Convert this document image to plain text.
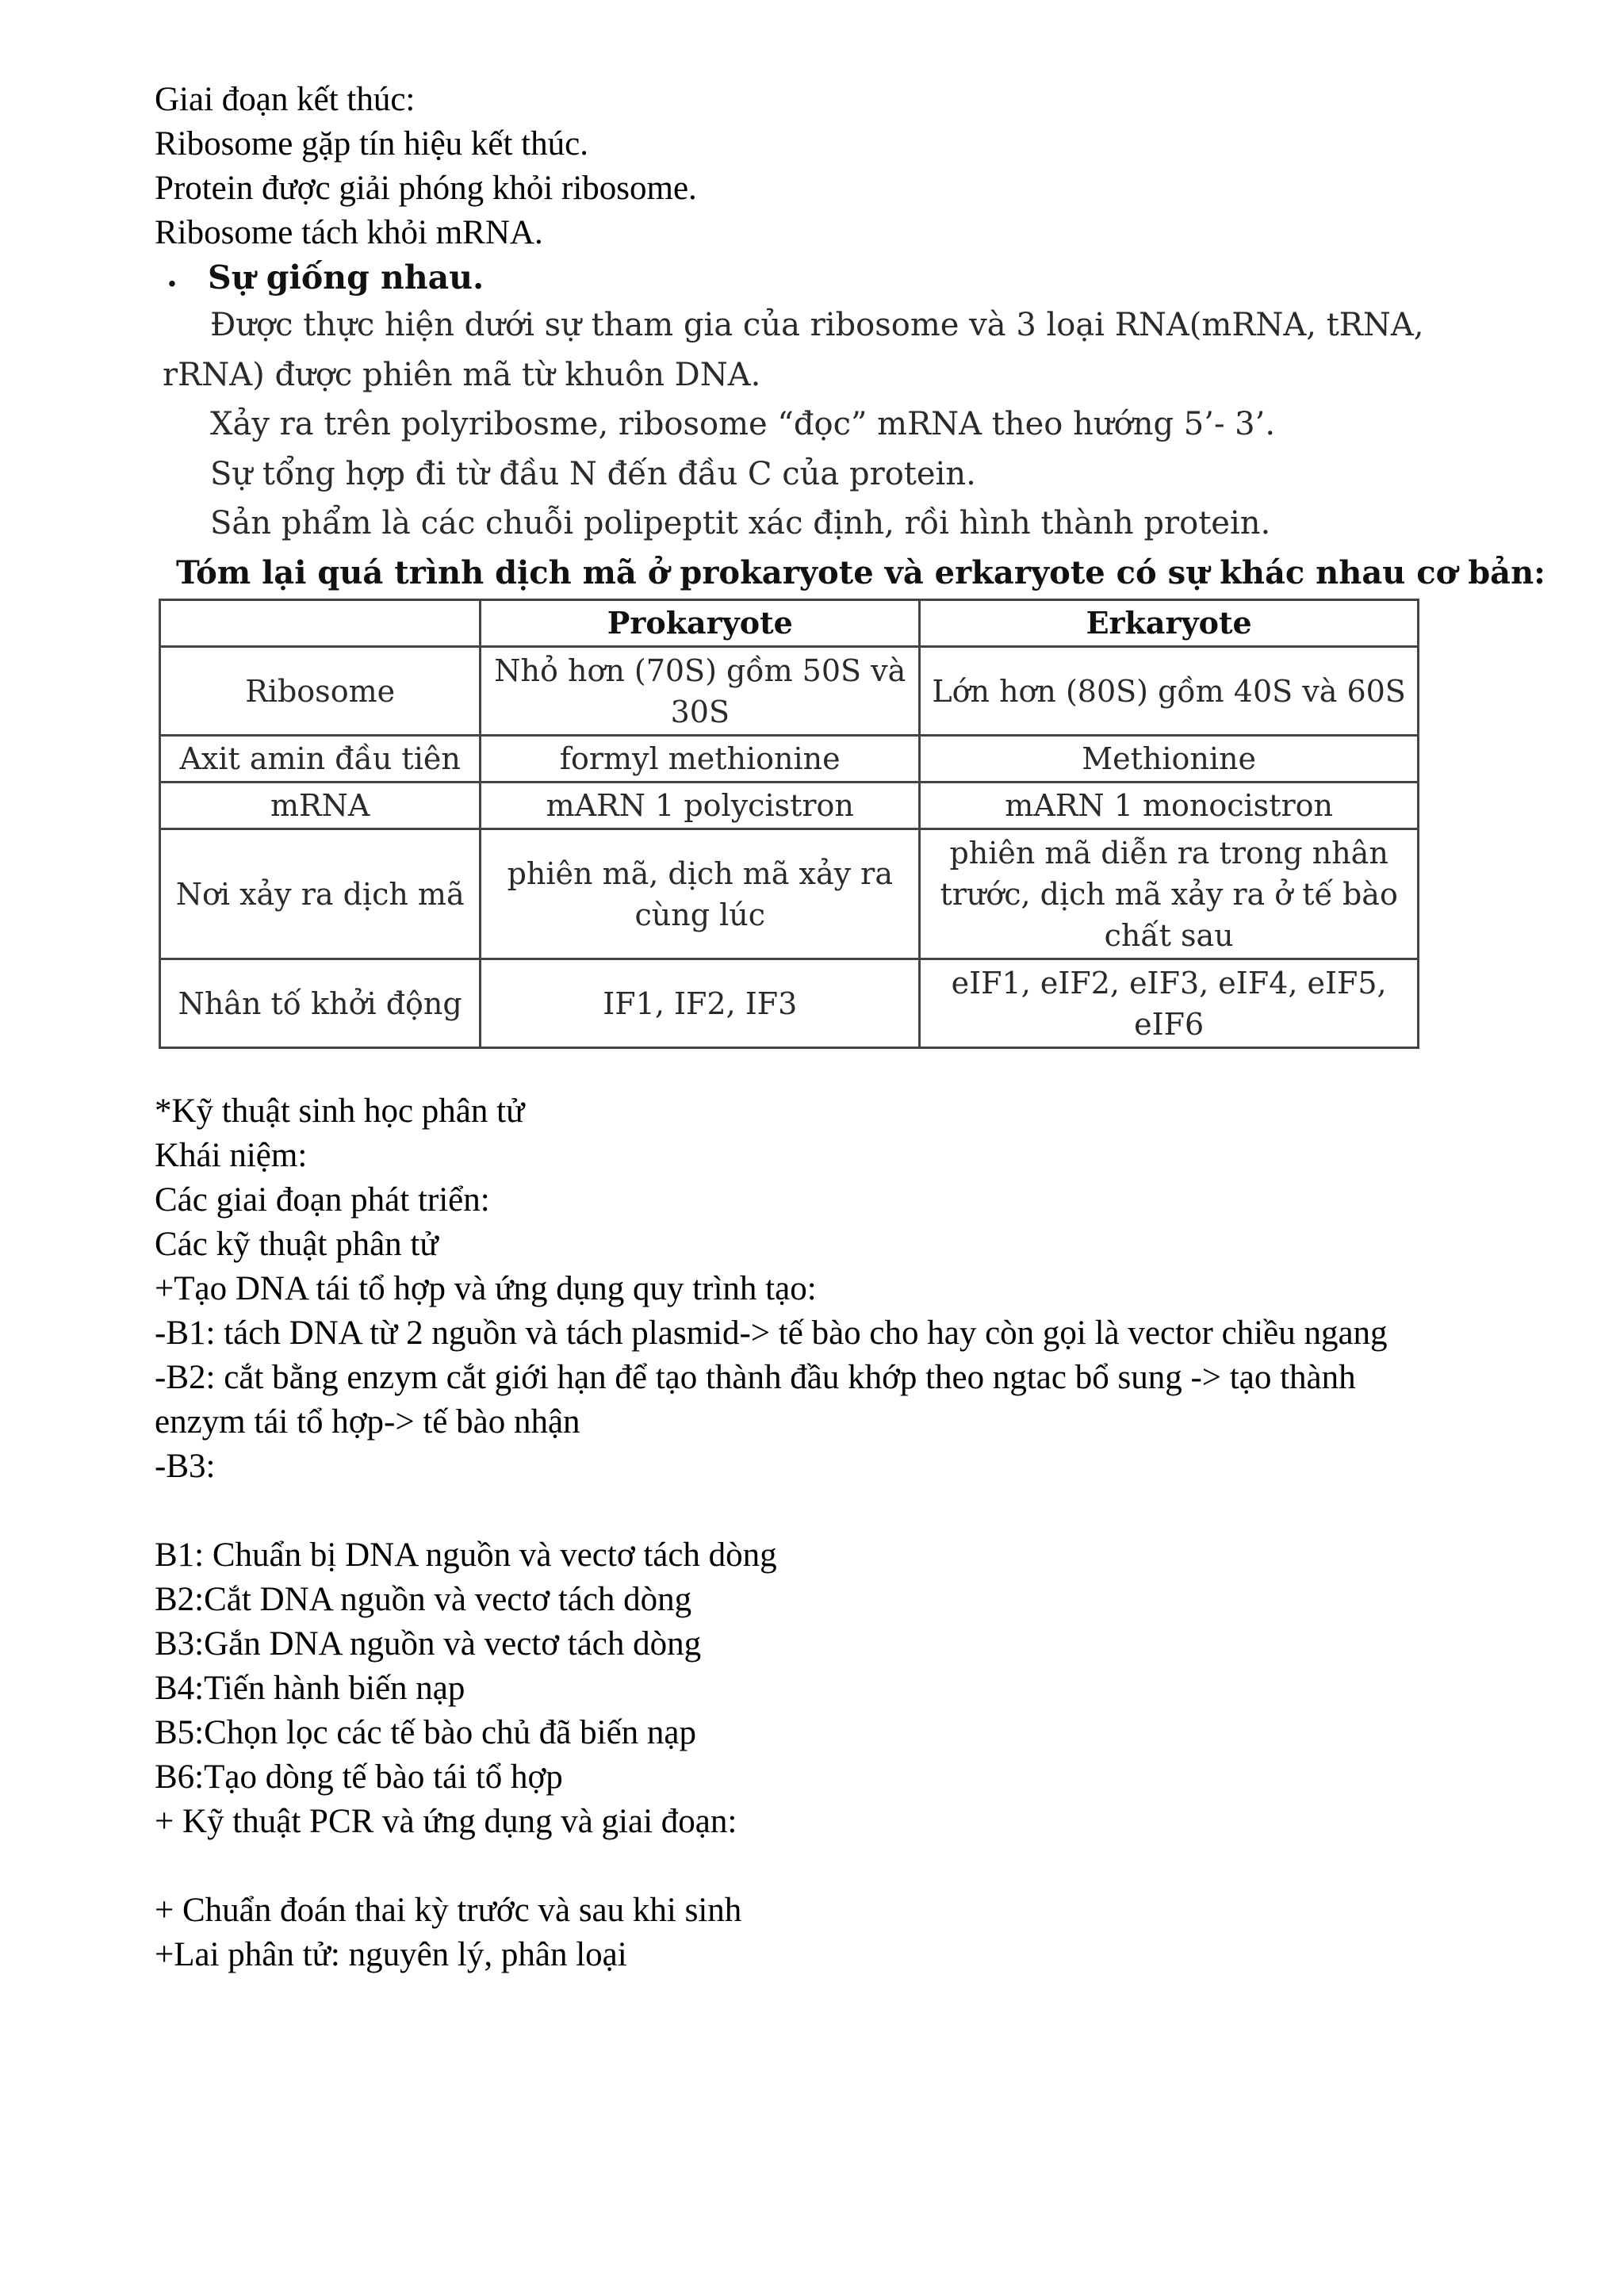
Giai đoạn kết thúc:
Ribosome gặp tín hiệu kết thúc.
Protein được giải phóng khỏi ribosome.
Ribosome tách khỏi mRNA.
. Sự giống nhau.
Được thực hiện dưới sự tham gia của ribosome và 3 loại RNA(mRNA, tRNA,
rRNA) được phiên mã từ khuôn DNA.
Xảy ra trên polyribosme, ribosome “đọc” mRNA theo hướng 5’- 3’.
Sự tổng hợp đi từ đầu N đến đầu C của protein.
Sản phẩm là các chuỗi polipeptit xác định, rồi hình thành protein.
Tóm lại quá trình dịch mã ở prokaryote và erkaryote có sự khác nhau cơ bản:
	Prokaryote	Erkaryote
Ribosome	Nhỏ hơn (70S) gồm 50S và 30S	Lớn hơn (80S) gồm 40S và 60S
Axit amin đầu tiên	formyl methionine	Methionine
mRNA	mARN 1 polycistron	mARN 1 monocistron
Nơi xảy ra dịch mã	phiên mã, dịch mã xảy ra cùng lúc	phiên mã diễn ra trong nhân trước, dịch mã xảy ra ở tế bào chất sau
Nhân tố khởi động	IF1, IF2, IF3	eIF1, eIF2, eIF3, eIF4, eIF5, eIF6
*Kỹ thuật sinh học phân tử
Khái niệm:
Các giai đoạn phát triển:
Các kỹ thuật phân tử
+Tạo DNA tái tổ hợp và ứng dụng quy trình tạo:
-B1: tách DNA từ 2 nguồn và tách plasmid-> tế bào cho hay còn gọi là vector chiều ngang
-B2: cắt bằng enzym cắt giới hạn để tạo thành đầu khớp theo ngtac bổ sung -> tạo thành
enzym tái tổ hợp-> tế bào nhận
-B3:
B1: Chuẩn bị DNA nguồn và vectơ tách dòng
B2:Cắt DNA nguồn và vectơ tách dòng
B3:Gắn DNA nguồn và vectơ tách dòng
B4:Tiến hành biến nạp
B5:Chọn lọc các tế bào chủ đã biến nạp
B6:Tạo dòng tế bào tái tổ hợp
+ Kỹ thuật PCR và ứng dụng và giai đoạn:
+ Chuẩn đoán thai kỳ trước và sau khi sinh
+Lai phân tử: nguyên lý, phân loại
